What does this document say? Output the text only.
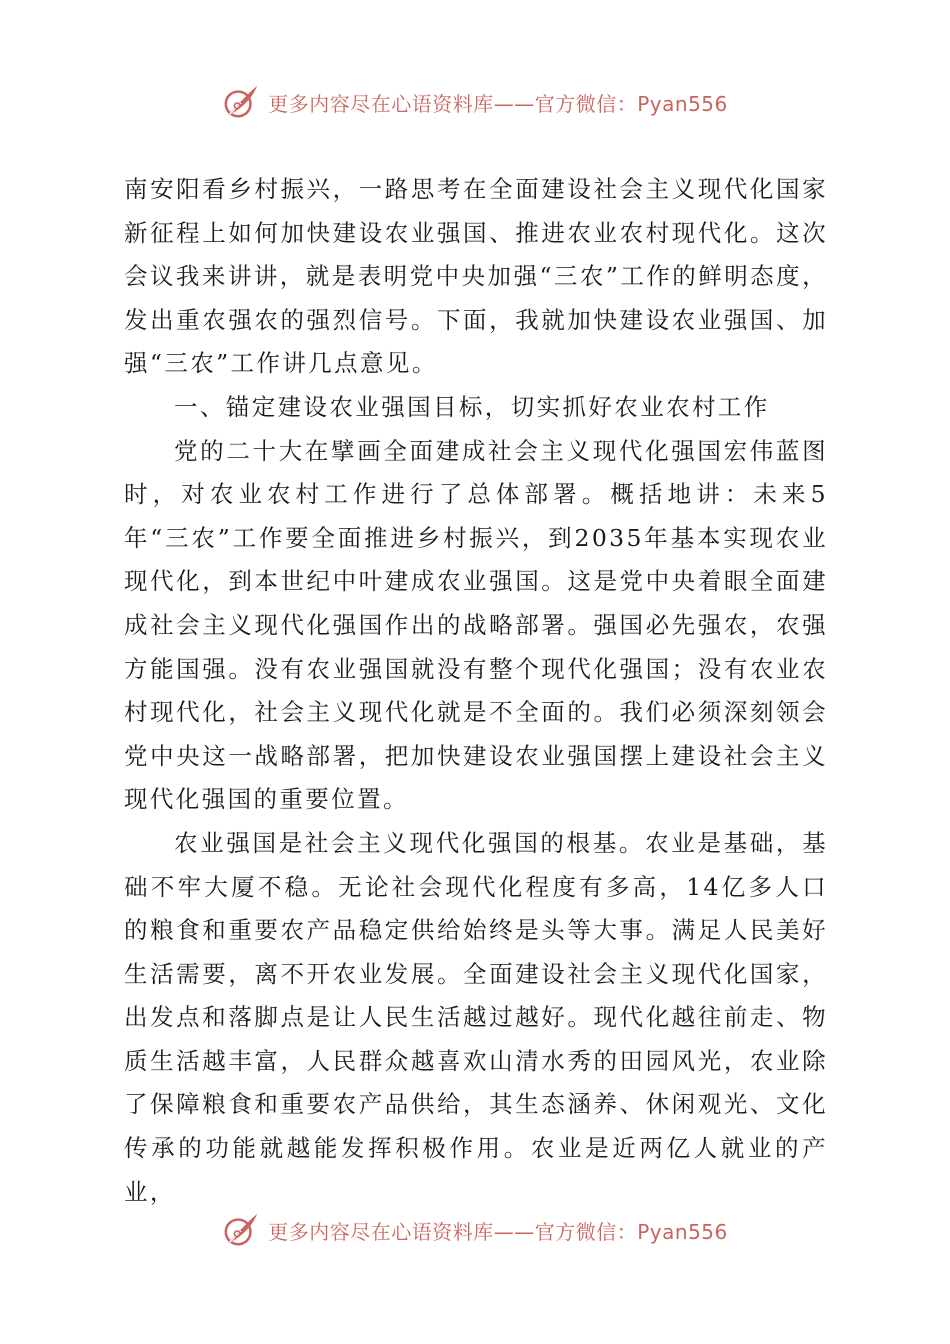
更多内容尽在心语资料库——官方微信：Pyan556

南安阳看乡村振兴，一路思考在全面建设社会主义现代化国家新征程上如何加快建设农业强国、推进农业农村现代化。这次会议我来讲讲，就是表明党中央加强“三农”工作的鲜明态度，发出重农强农的强烈信号。下面，我就加快建设农业强国、加强“三农”工作讲几点意见。

一、锚定建设农业强国目标，切实抓好农业农村工作

党的二十大在擘画全面建成社会主义现代化强国宏伟蓝图时，对农业农村工作进行了总体部署。概括地讲：未来5年“三农”工作要全面推进乡村振兴，到2035年基本实现农业现代化，到本世纪中叶建成农业强国。这是党中央着眼全面建成社会主义现代化强国作出的战略部署。强国必先强农，农强方能国强。没有农业强国就没有整个现代化强国；没有农业农村现代化，社会主义现代化就是不全面的。我们必须深刻领会党中央这一战略部署，把加快建设农业强国摆上建设社会主义现代化强国的重要位置。

农业强国是社会主义现代化强国的根基。农业是基础，基础不牢大厦不稳。无论社会现代化程度有多高，14亿多人口的粮食和重要农产品稳定供给始终是头等大事。满足人民美好生活需要，离不开农业发展。全面建设社会主义现代化国家，出发点和落脚点是让人民生活越过越好。现代化越往前走、物质生活越丰富，人民群众越喜欢山清水秀的田园风光，农业除了保障粮食和重要农产品供给，其生态涵养、休闲观光、文化传承的功能就越能发挥积极作用。农业是近两亿人就业的产业，

更多内容尽在心语资料库——官方微信：Pyan556
